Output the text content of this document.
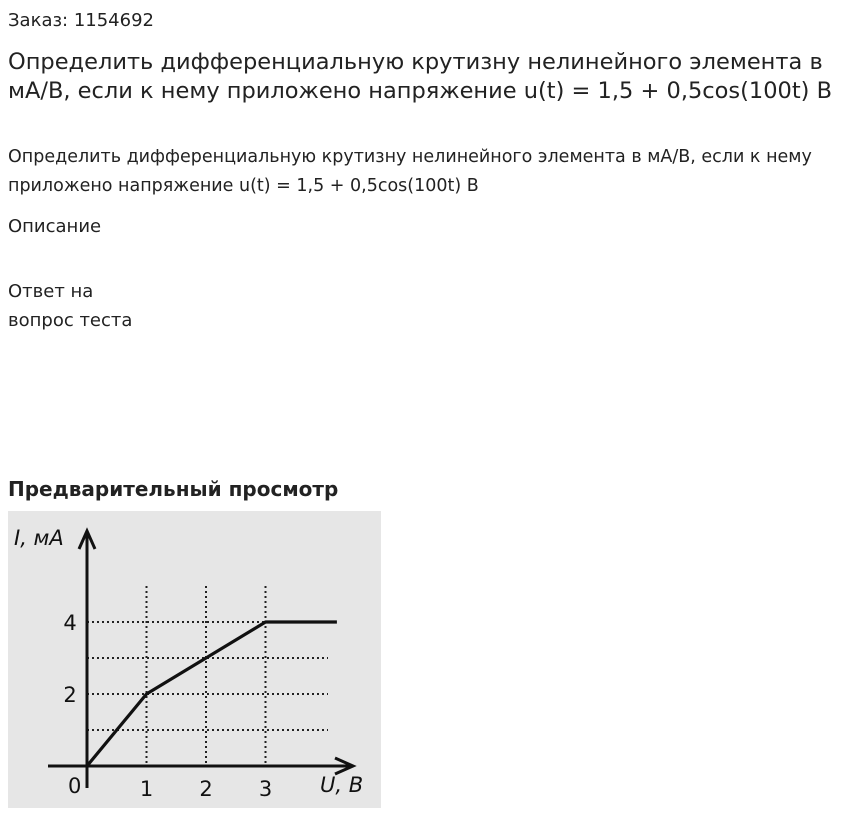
Заказ: 1154692
Определить дифференциальную крутизну нелинейного элемента в мА/В, если к нему приложено напряжение u(t) = 1,5 + 0,5cos(100t) В
Определить дифференциальную крутизну нелинейного элемента в мА/В, если к нему приложено напряжение u(t) = 1,5 + 0,5cos(100t) В
Описание
Ответ на вопрос теста
Предварительный просмотр
1 2 3
2
4
I, мА
U, В
0
